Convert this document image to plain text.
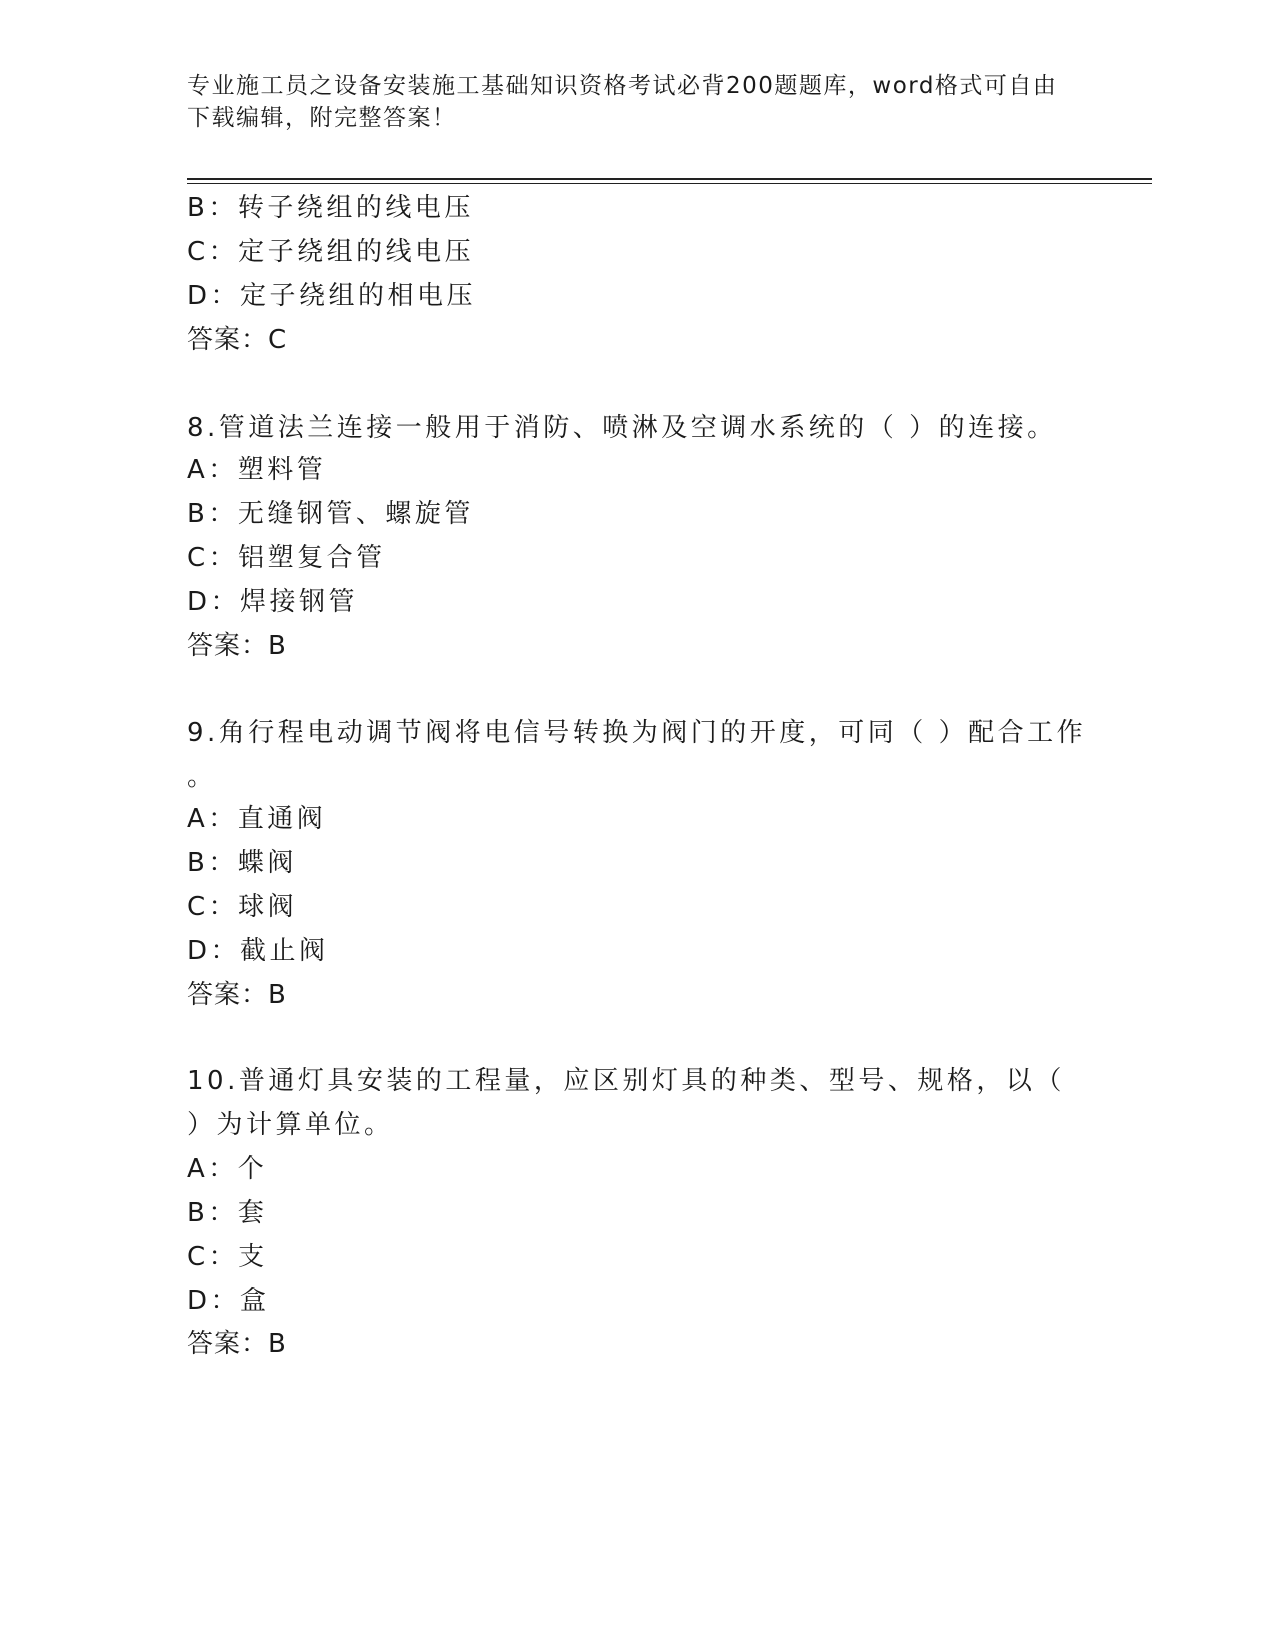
专业施工员之设备安装施工基础知识资格考试必背200题题库，word格式可自由
下载编辑，附完整答案！
B：转子绕组的线电压
C：定子绕组的线电压
D：定子绕组的相电压
答案：C
8.管道法兰连接一般用于消防、喷淋及空调水系统的（ ）的连接。
A：塑料管
B：无缝钢管、螺旋管
C：铝塑复合管
D：焊接钢管
答案：B
9.角行程电动调节阀将电信号转换为阀门的开度，可同（ ）配合工作
。
A：直通阀
B：蝶阀
C：球阀
D：截止阀
答案：B
10.普通灯具安装的工程量，应区别灯具的种类、型号、规格，以（
）为计算单位。
A：个
B：套
C：支
D：盒
答案：B
